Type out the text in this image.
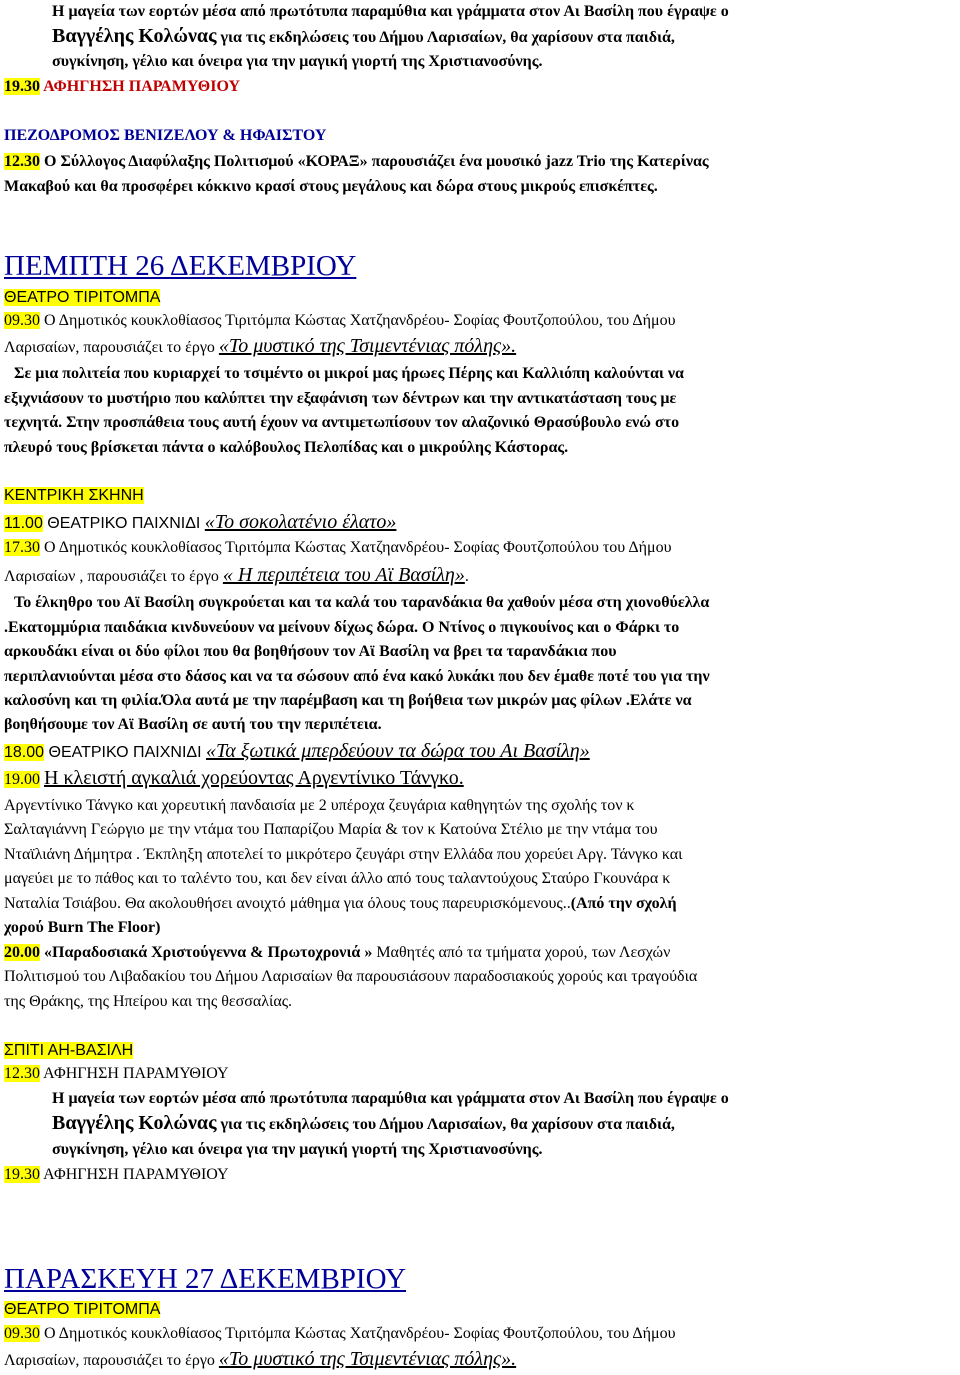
Η μαγεία των εορτών μέσα από πρωτότυπα παραμύθια και γράμματα στον Αι Βασίλη που έγραψε ο
Βαγγέλης Κολώνας για τις εκδηλώσεις του Δήμου Λαρισαίων, θα χαρίσουν στα παιδιά,
συγκίνηση, γέλιο και όνειρα για την μαγική γιορτή της Χριστιανοσύνης.
19.30 ΑΦΗΓΗΣΗ ΠΑΡΑΜΥΘΙΟΥ
ΠΕΖΟΔΡΟΜΟΣ ΒΕΝΙΖΕΛΟΥ & ΗΦΑΙΣΤΟΥ
12.30 Ο Σύλλογος Διαφύλαξης Πολιτισμού «ΚΟΡΑΞ» παρουσιάζει ένα μουσικό jazz Trio της Κατερίνας
Μακαβού και θα προσφέρει κόκκινο κρασί στους μεγάλους και δώρα στους μικρούς επισκέπτες.
ΠΕΜΠΤΗ 26 ΔΕΚΕΜΒΡΙΟΥ
ΘΕΑΤΡΟ ΤΙΡΙΤΟΜΠΑ
09.30 Ο Δημοτικός κουκλοθίασος Τιριτόμπα Κώστας Χατζηανδρέου- Σοφίας Φουτζοπούλου, του Δήμου
Λαρισαίων, παρουσιάζει το έργο «Το μυστικό της Τσιμεντένιας πόλης».
Σε μια πολιτεία που κυριαρχεί το τσιμέντο οι μικροί μας ήρωες Πέρης και Καλλιόπη καλούνται να
εξιχνιάσουν το μυστήριο που καλύπτει την εξαφάνιση των δέντρων και την αντικατάσταση τους με
τεχνητά. Στην προσπάθεια τους αυτή έχουν να αντιμετωπίσουν τον αλαζονικό Θρασύβουλο ενώ στο
πλευρό τους βρίσκεται πάντα ο καλόβουλος Πελοπίδας και ο μικρούλης Κάστορας.
ΚΕΝΤΡΙΚΗ ΣΚΗΝΗ
11.00 ΘΕΑΤΡΙΚΟ ΠΑΙΧΝΙΔΙ «Το σοκολατένιο έλατο»
17.30 Ο Δημοτικός κουκλοθίασος Τιριτόμπα Κώστας Χατζηανδρέου- Σοφίας Φουτζοπούλου του Δήμου
Λαρισαίων , παρουσιάζει το έργο « Η περιπέτεια του Αϊ Βασίλη».
Το έλκηθρο του Αϊ Βασίλη συγκρούεται και τα καλά του ταρανδάκια θα χαθούν μέσα στη χιονοθύελλα
.Εκατομμύρια παιδάκια κινδυνεύουν να μείνουν δίχως δώρα. Ο Ντίνος ο πιγκουίνος και ο Φάρκι το
αρκουδάκι είναι οι δύο φίλοι που θα βοηθήσουν τον Αϊ Βασίλη να βρει τα ταρανδάκια που
περιπλανιούνται μέσα στο δάσος και να τα σώσουν από ένα κακό λυκάκι που δεν έμαθε ποτέ του για την
καλοσύνη και τη φιλία.Όλα αυτά με την παρέμβαση και τη βοήθεια των μικρών μας φίλων .Ελάτε να
βοηθήσουμε τον Αϊ Βασίλη σε αυτή του την περιπέτεια.
18.00 ΘΕΑΤΡΙΚΟ ΠΑΙΧΝΙΔΙ «Τα ξωτικά μπερδεύουν τα δώρα του Αι Βασίλη»
19.00 Η κλειστή αγκαλιά χορεύοντας Αργεντίνικο Τάνγκο.
Αργεντίνικο Τάνγκο και χορευτική πανδαισία με 2 υπέροχα ζευγάρια καθηγητών της σχολής τον κ
Σαλταγιάννη Γεώργιο με την ντάμα του Παπαρίζου Μαρία & τον κ Κατούνα Στέλιο με την ντάμα του
Νταϊλιάνη Δήμητρα . Έκπληξη αποτελεί το μικρότερο ζευγάρι στην Ελλάδα που χορεύει Αργ. Τάνγκο και
μαγεύει με το πάθος και το ταλέντο του, και δεν είναι άλλο από τους ταλαντούχους Σταύρο Γκουνάρα κ
Ναταλία Τσιάβου. Θα ακολουθήσει ανοιχτό μάθημα για όλους τους παρευρισκόμενους..(Από την σχολή
χορού Burn The Floor)
20.00 «Παραδοσιακά Χριστούγεννα & Πρωτοχρονιά » Μαθητές από τα τμήματα χορού, των Λεσχών
Πολιτισμού του Λιβαδακίου του Δήμου Λαρισαίων θα παρουσιάσουν παραδοσιακούς χορούς και τραγούδια
της Θράκης, της Ηπείρου και της θεσσαλίας.
ΣΠΙΤΙ ΑΗ-ΒΑΣΙΛΗ
12.30 ΑΦΗΓΗΣΗ ΠΑΡΑΜΥΘΙΟΥ
Η μαγεία των εορτών μέσα από πρωτότυπα παραμύθια και γράμματα στον Αι Βασίλη που έγραψε ο
Βαγγέλης Κολώνας για τις εκδηλώσεις του Δήμου Λαρισαίων, θα χαρίσουν στα παιδιά,
συγκίνηση, γέλιο και όνειρα για την μαγική γιορτή της Χριστιανοσύνης.
19.30 ΑΦΗΓΗΣΗ ΠΑΡΑΜΥΘΙΟΥ
ΠΑΡΑΣΚΕΥΗ 27 ΔΕΚΕΜΒΡΙΟΥ
ΘΕΑΤΡΟ ΤΙΡΙΤΟΜΠΑ
09.30 Ο Δημοτικός κουκλοθίασος Τιριτόμπα Κώστας Χατζηανδρέου- Σοφίας Φουτζοπούλου, του Δήμου
Λαρισαίων, παρουσιάζει το έργο «Το μυστικό της Τσιμεντένιας πόλης».
